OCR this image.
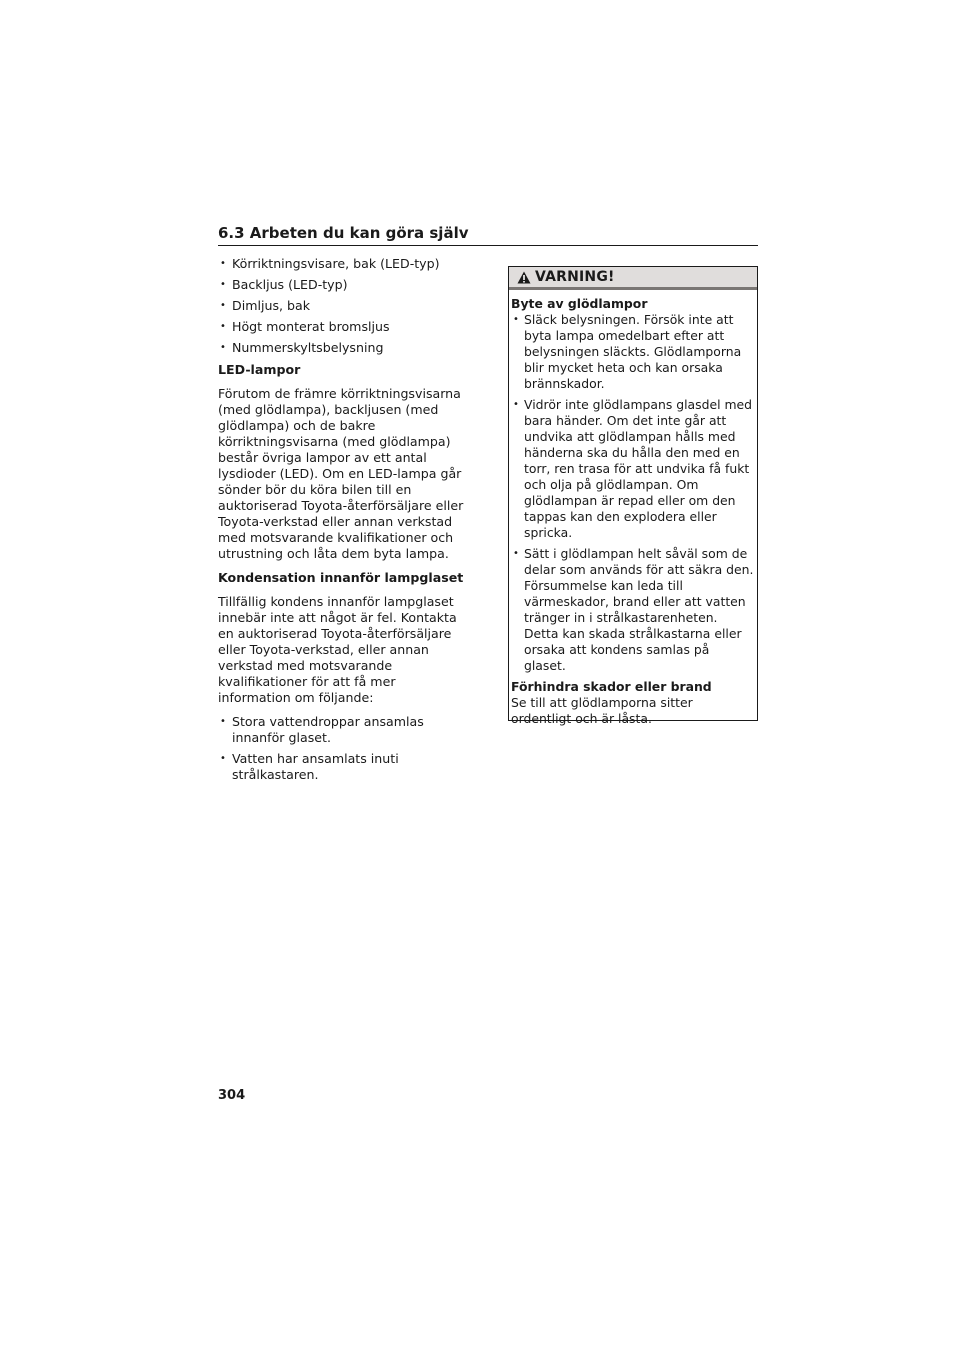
6.3 Arbeten du kan göra själv
• Körriktningsvisare, bak (LED-typ)
• Backljus (LED-typ)
• Dimljus, bak
• Högt monterat bromsljus
• Nummerskyltsbelysning
LED-lampor

Förutom de främre körriktningsvisarna (med glödlampa), backljusen (med glödlampa) och de bakre körriktningsvisarna (med glödlampa) består övriga lampor av ett antal lysdioder (LED). Om en LED-lampa går sönder bör du köra bilen till en auktoriserad Toyota-återförsäljare eller Toyota-verkstad eller annan verkstad med motsvarande kvalifikationer och utrustning och låta dem byta lampa.

Kondensation innanför lampglaset

Tillfällig kondens innanför lampglaset innebär inte att något är fel. Kontakta en auktoriserad Toyota-återförsäljare eller Toyota-verkstad, eller annan verkstad med motsvarande kvalifikationer för att få mer information om följande:

• Stora vattendroppar ansamlas innanför glaset.
• Vatten har ansamlats inuti strålkastaren.
VARNING!
Byte av glödlampor
• Släck belysningen. Försök inte att byta lampa omedelbart efter att belysningen släckts. Glödlamporna blir mycket heta och kan orsaka brännskador.
• Vidrör inte glödlampans glasdel med bara händer. Om det inte går att undvika att glödlampan hålls med händerna ska du hålla den med en torr, ren trasa för att undvika få fukt och olja på glödlampan. Om glödlampan är repad eller om den tappas kan den explodera eller spricka.
• Sätt i glödlampan helt såväl som de delar som används för att säkra den. Försummelse kan leda till värmeskador, brand eller att vatten tränger in i strålkastarenheten. Detta kan skada strålkastarna eller orsaka att kondens samlas på glaset.
Förhindra skador eller brand

Se till att glödlamporna sitter ordentligt och är låsta.

304
